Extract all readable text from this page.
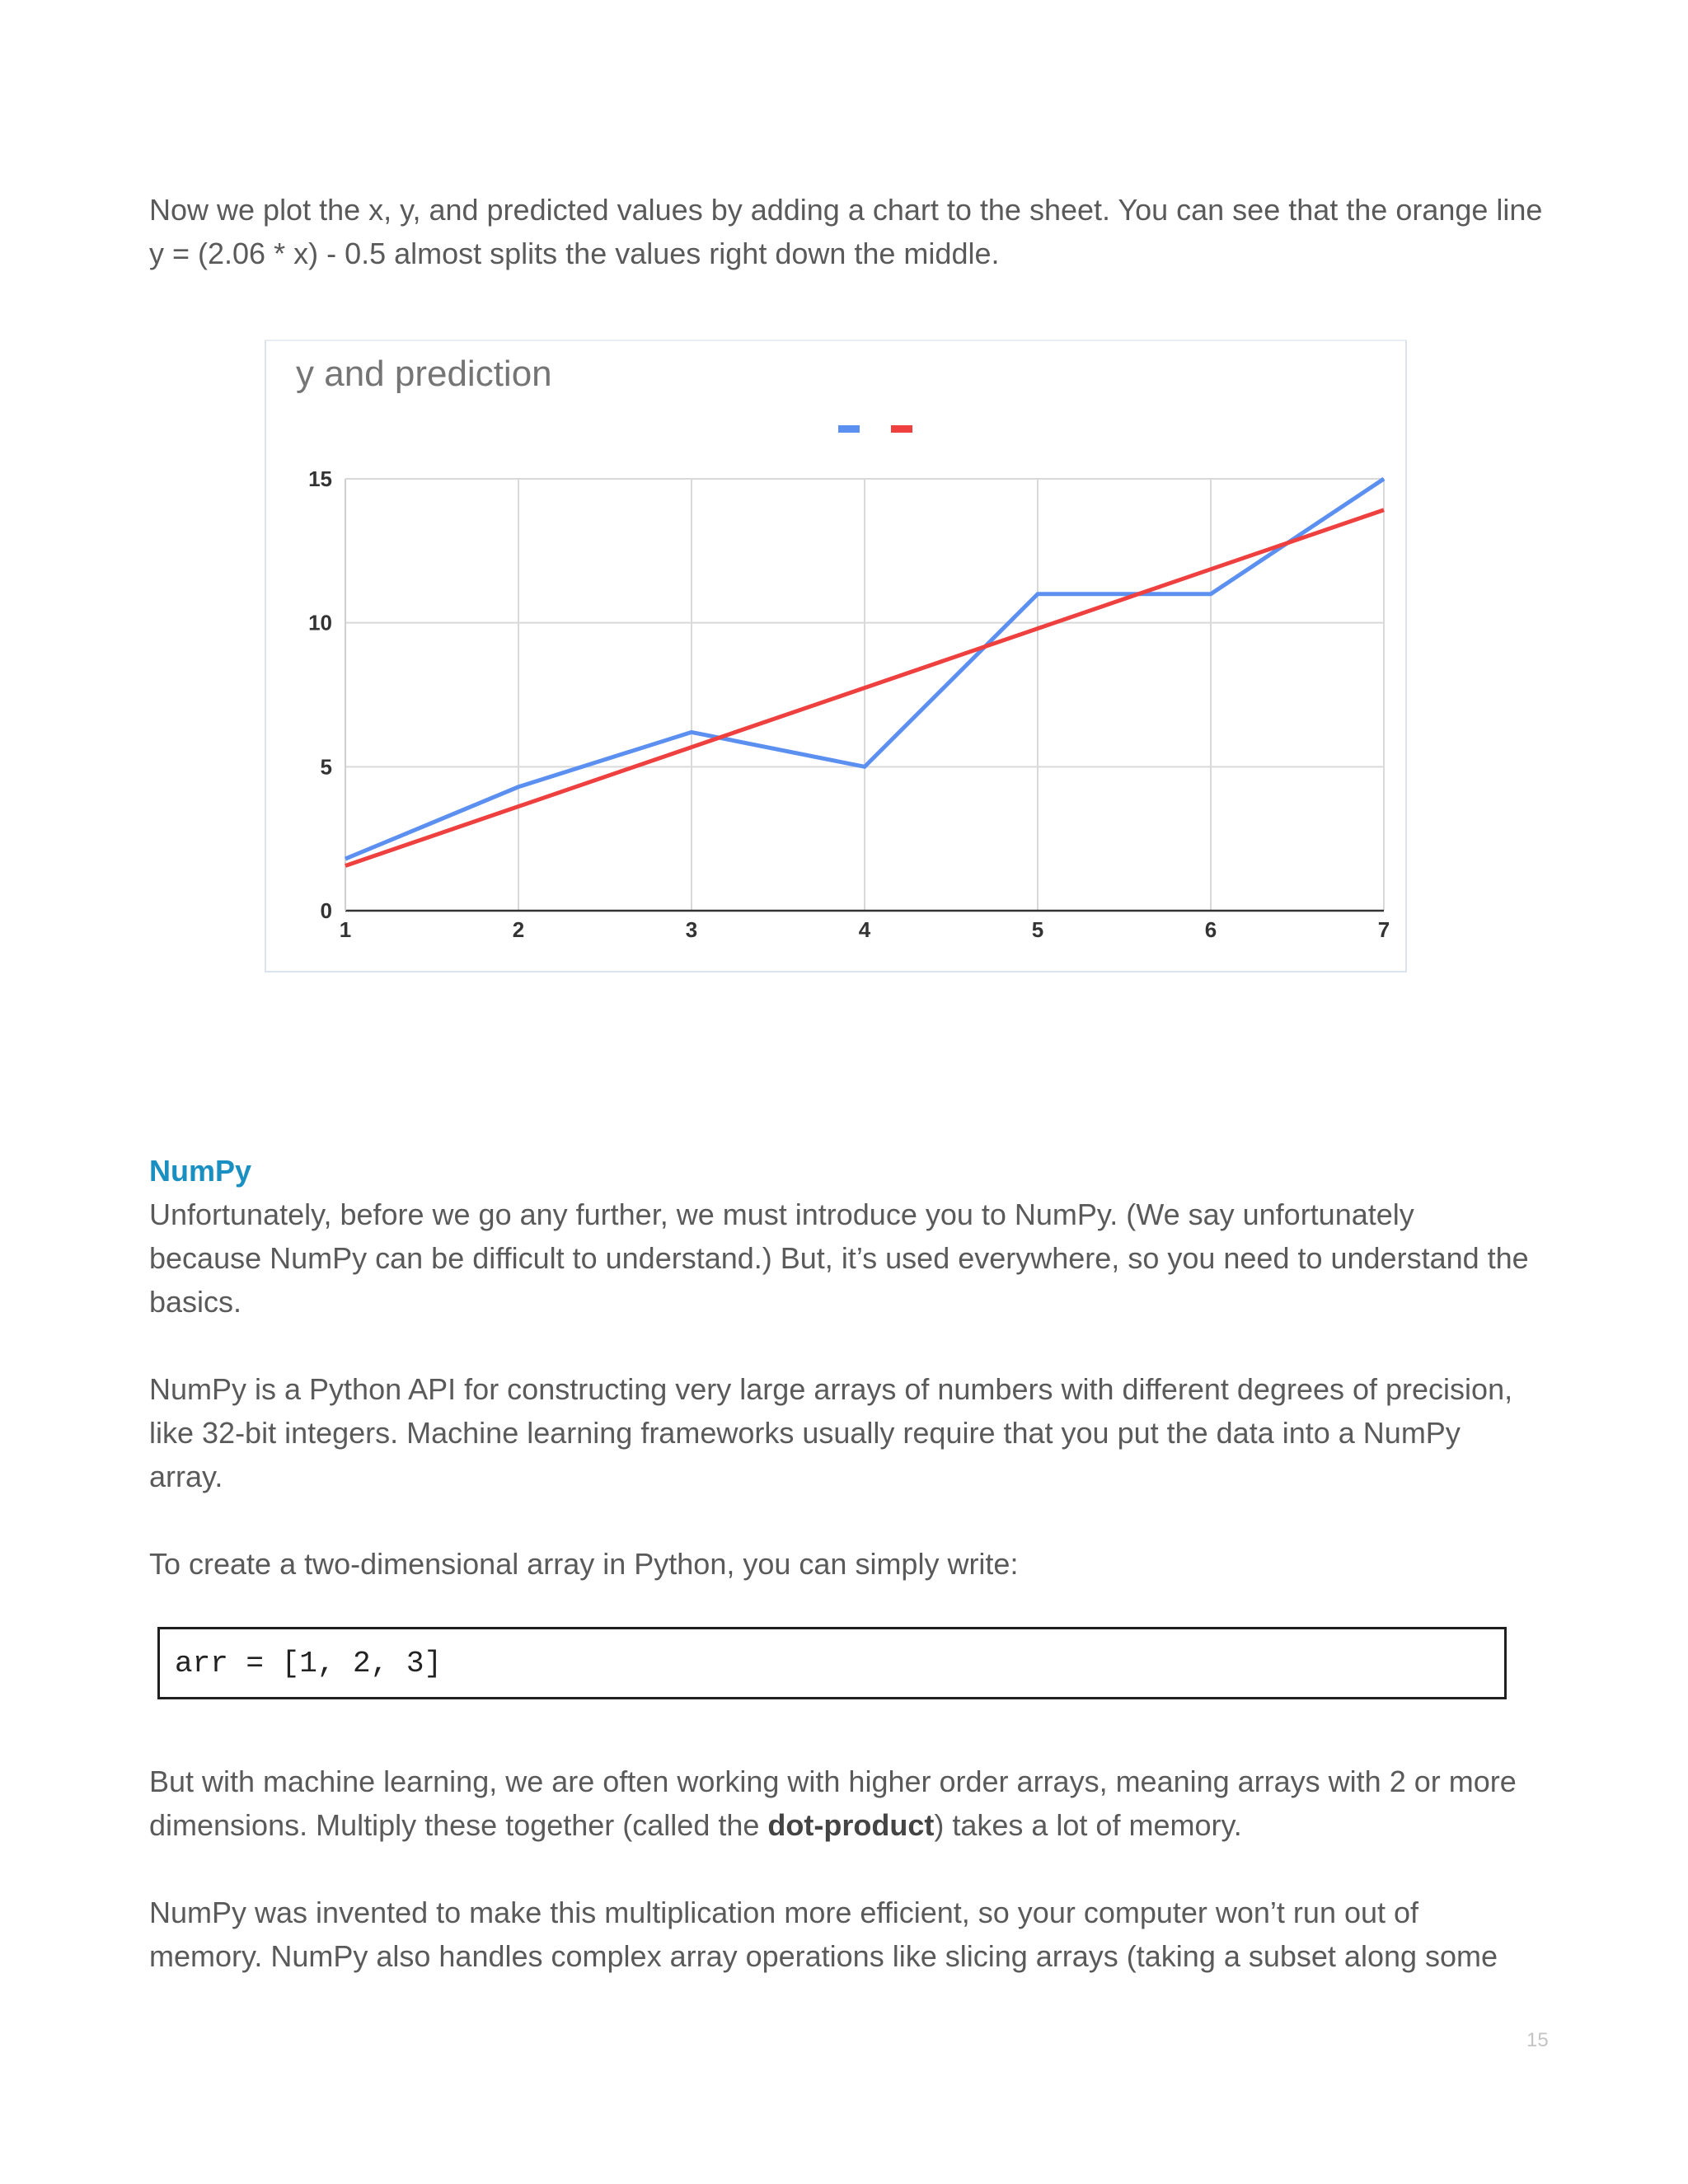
Now we plot the x, y, and predicted values by adding a chart to the sheet. You can see that the orange line

y = (2.06 * x) - 0.5 almost splits the values right down the middle.

y and prediction
1	2	3	4	5	6	7
0
5
10
15

NumPy

Unfortunately, before we go any further, we must introduce you to NumPy. (We say unfortunately

because NumPy can be difficult to understand.) But, it’s used everywhere, so you need to understand the

basics.

NumPy is a Python API for constructing very large arrays of numbers with different degrees of precision,

like 32-bit integers. Machine learning frameworks usually require that you put the data into a NumPy

array.

To create a two-dimensional array in Python, you can simply write:

arr = [1, 2, 3]

But with machine learning, we are often working with higher order arrays, meaning arrays with 2 or more

dimensions. Multiply these together (called the dot-product) takes a lot of memory.

NumPy was invented to make this multiplication more efficient, so your computer won’t run out of

memory. NumPy also handles complex array operations like slicing arrays (taking a subset along some

15
